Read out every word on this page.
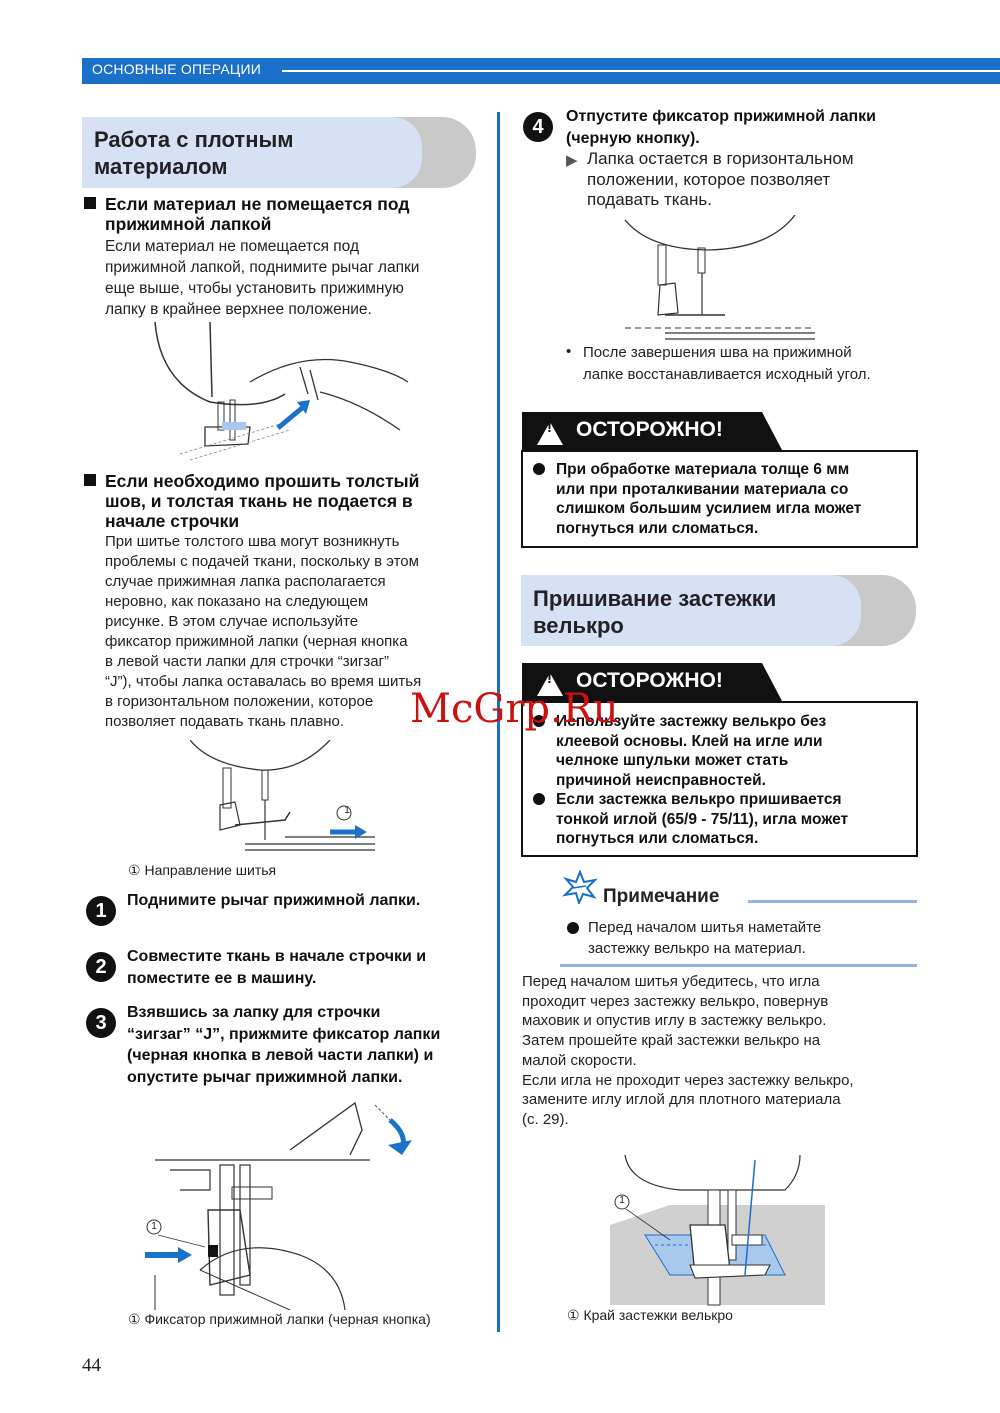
ОСНОВНЫЕ ОПЕРАЦИИ
Работа с плотным
материалом
Если материал не помещается под
прижимной лапкой
Если материал не помещается под
прижимной лапкой, поднимите рычаг лапки
еще выше, чтобы установить прижимную
лапку в крайнее верхнее положение.
Если необходимо прошить толстый
шов, и толстая ткань не подается в
начале строчки
При шитье толстого шва могут возникнуть
проблемы с подачей ткани, поскольку в этом
случае прижимная лапка располагается
неровно, как показано на следующем
рисунке. В этом случае используйте
фиксатор прижимной лапки (черная кнопка
в левой части лапки для строчки “зигзаг”
“J”), чтобы лапка оставалась во время шитья
в горизонтальном положении, которое
позволяет подавать ткань плавно.
1
① Направление шитья
1	Поднимите рычаг прижимной лапки.
2	Совместите ткань в начале строчки и
поместите ее в машину.
3	Взявшись за лапку для строчки
“зигзаг” “J”, прижмите фиксатор лапки
(черная кнопка в левой части лапки) и
опустите рычаг прижимной лапки.
1
① Фиксатор прижимной лапки (черная кнопка)
44
4	Отпустите фиксатор прижимной лапки
(черную кнопку).
▶ Лапка остается в горизонтальном
положении, которое позволяет
подавать ткань.
• После завершения шва на прижимной
лапке восстанавливается исходный угол.
! ОСТОРОЖНО!
При обработке материала толще 6 мм
или при проталкивании материала со
слишком большим усилием игла может
погнуться или сломаться.
Пришивание застежки
велькро
! ОСТОРОЖНО!
Используйте застежку велькро без
клеевой основы. Клей на игле или
челноке шпульки может стать
причиной неисправностей.
Если застежка велькро пришивается
тонкой иглой (65/9 - 75/11), игла может
погнуться или сломаться.
Примечание
Перед началом шитья наметайте
застежку велькро на материал.
Перед началом шитья убедитесь, что игла
проходит через застежку велькро, повернув
маховик и опустив иглу в застежку велькро.
Затем прошейте край застежки велькро на
малой скорости.
Если игла не проходит через застежку велькро,
замените иглу иглой для плотного материала
(с. 29).
1
① Край застежки велькро
McGrp.Ru
